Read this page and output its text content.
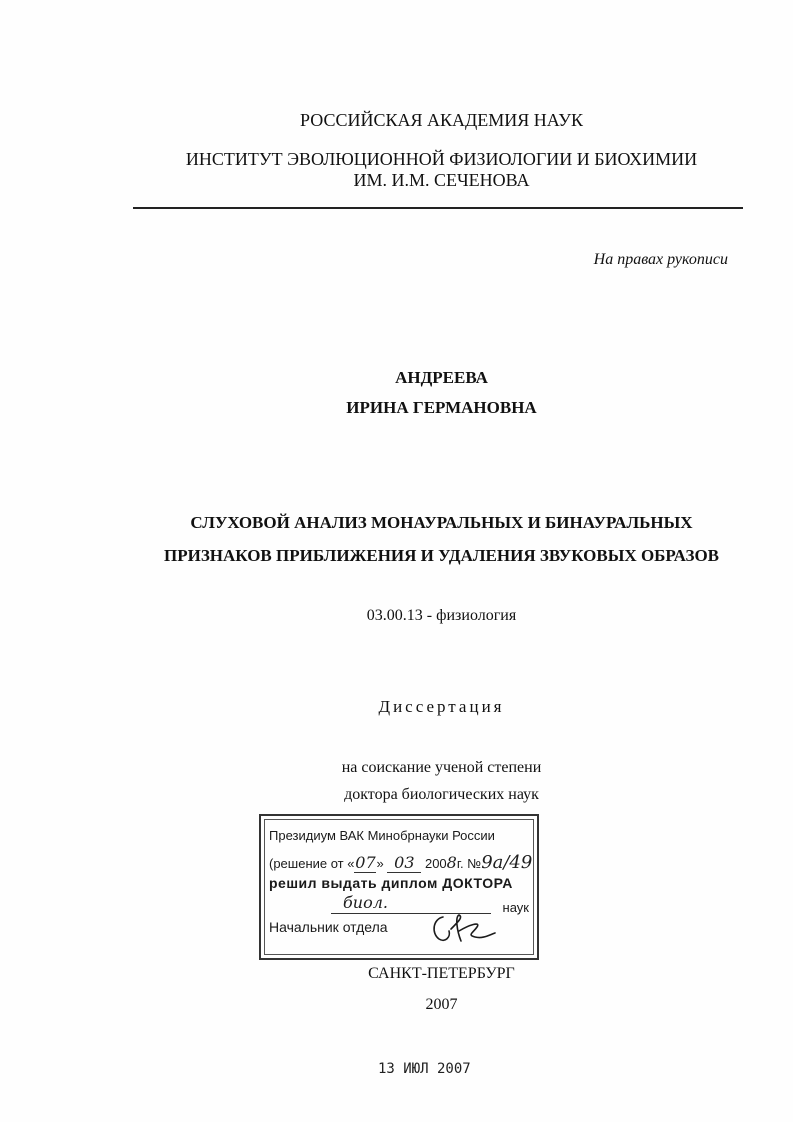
РОССИЙСКАЯ АКАДЕМИЯ НАУК
ИНСТИТУТ ЭВОЛЮЦИОННОЙ ФИЗИОЛОГИИ И БИОХИМИИ
ИМ. И.М. СЕЧЕНОВА
На правах рукописи
АНДРЕЕВА
ИРИНА ГЕРМАНОВНА
СЛУХОВОЙ АНАЛИЗ МОНАУРАЛЬНЫХ И БИНАУРАЛЬНЫХ
ПРИЗНАКОВ ПРИБЛИЖЕНИЯ И УДАЛЕНИЯ ЗВУКОВЫХ ОБРАЗОВ
03.00.13 - физиология
Диссертация
на соискание ученой степени
доктора биологических наук
Президиум ВАК Минобрнауки России
(решение от «07» 03 2008г. №9а/49
решил выдать диплом ДОКТОРА
биол.	наук
Начальник отдела
САНКТ-ПЕТЕРБУРГ
2007
13 ИЮЛ 2007
